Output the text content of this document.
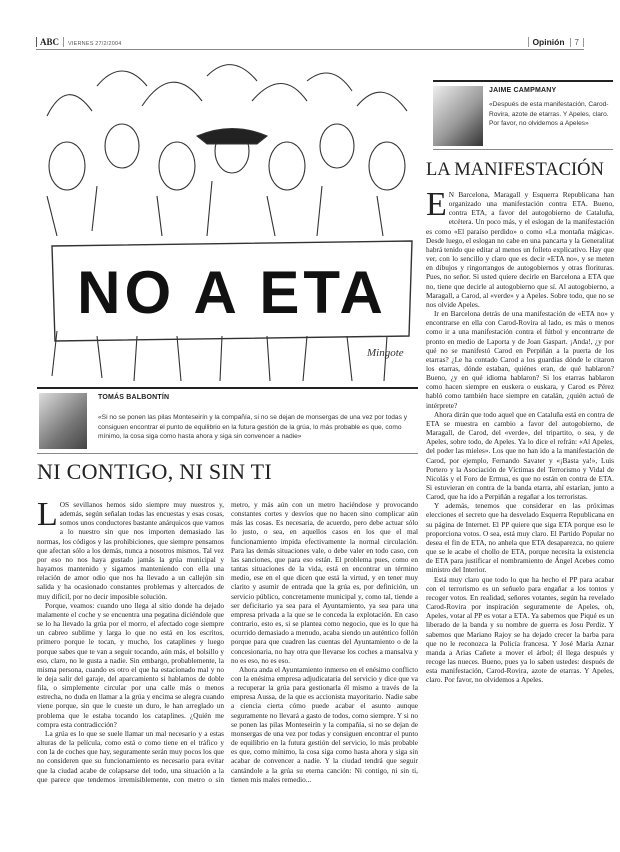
ABC VIERNES 27/2/2004	Opinión 7
NO A ETA
Mingote
TOMÁS BALBONTÍN
«Si no se ponen las pilas Monteseirín y la compañía, si no se dejan de monsergas de una vez por todas y consiguen encontrar el punto de equilibrio en la futura gestión de la grúa, lo más probable es que, como mínimo, la cosa siga como hasta ahora y siga sin convencer a nadie»
NI CONTIGO, NI SIN TI

LOS sevillanos hemos sido siempre muy nuestros y, además, según señalan todas las encuestas y esas cosas, somos unos conductores bastante anárquicos que vamos a lo nuestro sin que nos importen demasiado las normas, los códigos y las prohibiciones, que siempre pensamos que afectan sólo a los demás, nunca a nosotros mismos. Tal vez por eso no nos haya gustado jamás la grúa municipal y hayamos mantenido y sigamos manteniendo con ella una relación de amor odio que nos ha llevado a un callejón sin salida y ha ocasionado constantes problemas y altercados de muy difícil, por no decir imposible solución.

Porque, veamos: cuando uno llega al sitio donde ha dejado malamente el coche y se encuentra una pegatina diciéndole que se lo ha llevado la grúa por el morro, el afectado coge siempre un cabreo sublime y larga lo que no está en los escritos, primero porque le tocan, y mucho, los cataplines y luego porque sabes que te van a seguir tocando, aún más, el bolsillo y eso, claro, no le gusta a nadie. Sin embargo, probablemente, la misma persona, cuando es otro el que ha estacionado mal y no le deja salir del garaje, del aparcamiento si hablamos de doble fila, o simplemente circular por una calle más o menos estrecha, no duda en llamar a la grúa y encima se alegra cuando viene porque, sin que le cueste un duro, le han arreglado un problema que le estaba tocando los cataplines. ¿Quién me compra esta contradicción?

La grúa es lo que se suele llamar un mal necesario y a estas alturas de la película, como está o como tiene en el tráfico y con la de coches que hay, seguramente serán muy pocos los que no consideren que su funcionamiento es necesario para evitar que la ciudad acabe de colapsarse del todo, una situación a la que parece que tendemos irremisiblemente, con metro o sin metro, y más aún con un metro haciéndose y provocando constantes cortes y desvíos que no hacen sino complicar aún más las cosas. Es necesaria, de acuerdo, pero debe actuar sólo lo justo, o sea, en aquellos casos en los que el mal funcionamiento impida efectivamente la normal circulación. Para las demás situaciones vale, o debe valer en todo caso, con las sanciones, que para eso están. El problema pues, como en tantas situaciones de la vida, está en encontrar un término medio, ese en el que dicen que está la virtud, y en tener muy clarito y asumir de entrada que la grúa es, por definición, un servicio público, concretamente municipal y, como tal, tiende a ser deficitario ya sea para el Ayuntamiento, ya sea para una empresa privada a la que se le conceda la explotación. En caso contrario, esto es, si se plantea como negocio, que es lo que ha ocurrido demasiado a menudo, acaba siendo un auténtico follón porque para que cuadren las cuentas del Ayuntamiento o de la concesionaria, no hay otra que llevarse los coches a mansalva y no es eso, no es eso.

Ahora anda el Ayuntamiento inmerso en el enésimo conflicto con la enésima empresa adjudicataria del servicio y dice que va a recuperar la grúa para gestionarla él mismo a través de la empresa Aussa, de la que es accionista mayoritario. Nadie sabe a ciencia cierta cómo puede acabar el asunto aunque seguramente no llevará a gasto de todos, como siempre. Y si no se ponen las pilas Monteseirín y la compañía, si no se dejan de monsergas de una vez por todas y consiguen encontrar el punto de equilibrio en la futura gestión del servicio, lo más probable es que, como mínimo, la cosa siga como hasta ahora y siga sin acabar de convencer a nadie. Y la ciudad tendrá que seguir cantándole a la grúa su eterna canción: Ni contigo, ni sin ti, tienen mis males remedio...

JAIME CAMPMANY
«Después de esta manifestación, Carod-Rovira, azote de etarras. Y Apeles, claro. Por favor, no olvidemos a Apeles»
LA MANIFESTACIÓN

E N Barcelona, Maragall y Esquerra Republicana han organizado una manifestación contra ETA. Bueno, contra ETA, a favor del autogobierno de Cataluña, etcétera. Un poco más, y el eslogan de la manifestación es como «El paraíso perdido» o como «La montaña mágica». Desde luego, el eslogan no cabe en una pancarta y la Generalitat habrá tenido que editar al menos un folleto explicativo. Hay que ver, con lo sencillo y claro que es decir «ETA no», y se meten en dibujos y ringorrangos de autogobiernos y otras florituras. Pues, no señor. Si usted quiere decirle en Barcelona a ETA que no, tiene que decirle al autogobierno que sí. Al autogobierno, a Maragall, a Carod, al «verde» y a Apeles. Sobre todo, que no se nos olvide Apeles.

Ir en Barcelona detrás de una manifestación de «ETA no» y encontrarse en ella con Carod-Rovira al lado, es más o menos como ir a una manifestación contra el fútbol y encontrarte de pronto en medio de Laporta y de Joan Gaspart. ¡Anda!, ¿y por qué no se manifestó Carod en Perpiñán a la puerta de los etarras? ¿Le ha contado Carod a los guardias dónde le citaron los etarras, dónde estaban, quiénes eran, de qué hablaron? Bueno, ¿y en qué idioma hablaron? Si los etarras hablaron como hacen siempre en euskera o euskara, y Carod es Pérez habló como también hace siempre en catalán, ¿quién actuó de intérprete?

Ahora dirán que todo aquel que en Cataluña está en contra de ETA se muestra en cambio a favor del autogobierno, de Maragall, de Carod, del «verde», del tripartito, o sea, y de Apeles, sobre todo, de Apeles. Ya lo dice el refrán: «Al Apeles, del poder las mieles». Los que no han ido a la manifestación de Carod, por ejemplo, Fernando Savater y «¡Basta ya!», Luis Portero y la Asociación de Víctimas del Terrorismo y Vidal de Nicolás y el Foro de Ermua, es que no están en contra de ETA. Si estuvieran en contra de la banda etarra, ahí estarían, junto a Carod, que ha ido a Perpiñán a regañar a los terroristas.

Y además, tenemos que considerar en las próximas elecciones el secreto que ha desvelado Esquerra Republicana en su página de Internet. El PP quiere que siga ETA porque eso le proporciona votos. O sea, está muy claro. El Partido Popular no desea el fin de ETA, no anhela que ETA desaparezca, no quiere que se le acabe el chollo de ETA, porque necesita la existencia de ETA para justificar el nombramiento de Ángel Acebes como ministro del Interior.

Está muy claro que todo lo que ha hecho el PP para acabar con el terrorismo es un señuelo para engañar a los tontos y recoger votos. En realidad, señores votantes, según ha revelado Carod-Rovira por inspiración seguramente de Apeles, oh, Apeles, votar al PP es votar a ETA. Ya sabemos que Piqué es un liberado de la banda y su nombre de guerra es Josu Perdiz. Y sabemos que Mariano Rajoy se ha dejado crecer la barba para que no le reconozca la Policía francesa. Y José María Aznar manda a Arias Cañete a mover el árbol; él llega después y recoge las nueces. Bueno, pues ya lo saben ustedes: después de esta manifestación, Carod-Rovira, azote de etarras. Y Apeles, claro. Por favor, no olvidemos a Apeles.
